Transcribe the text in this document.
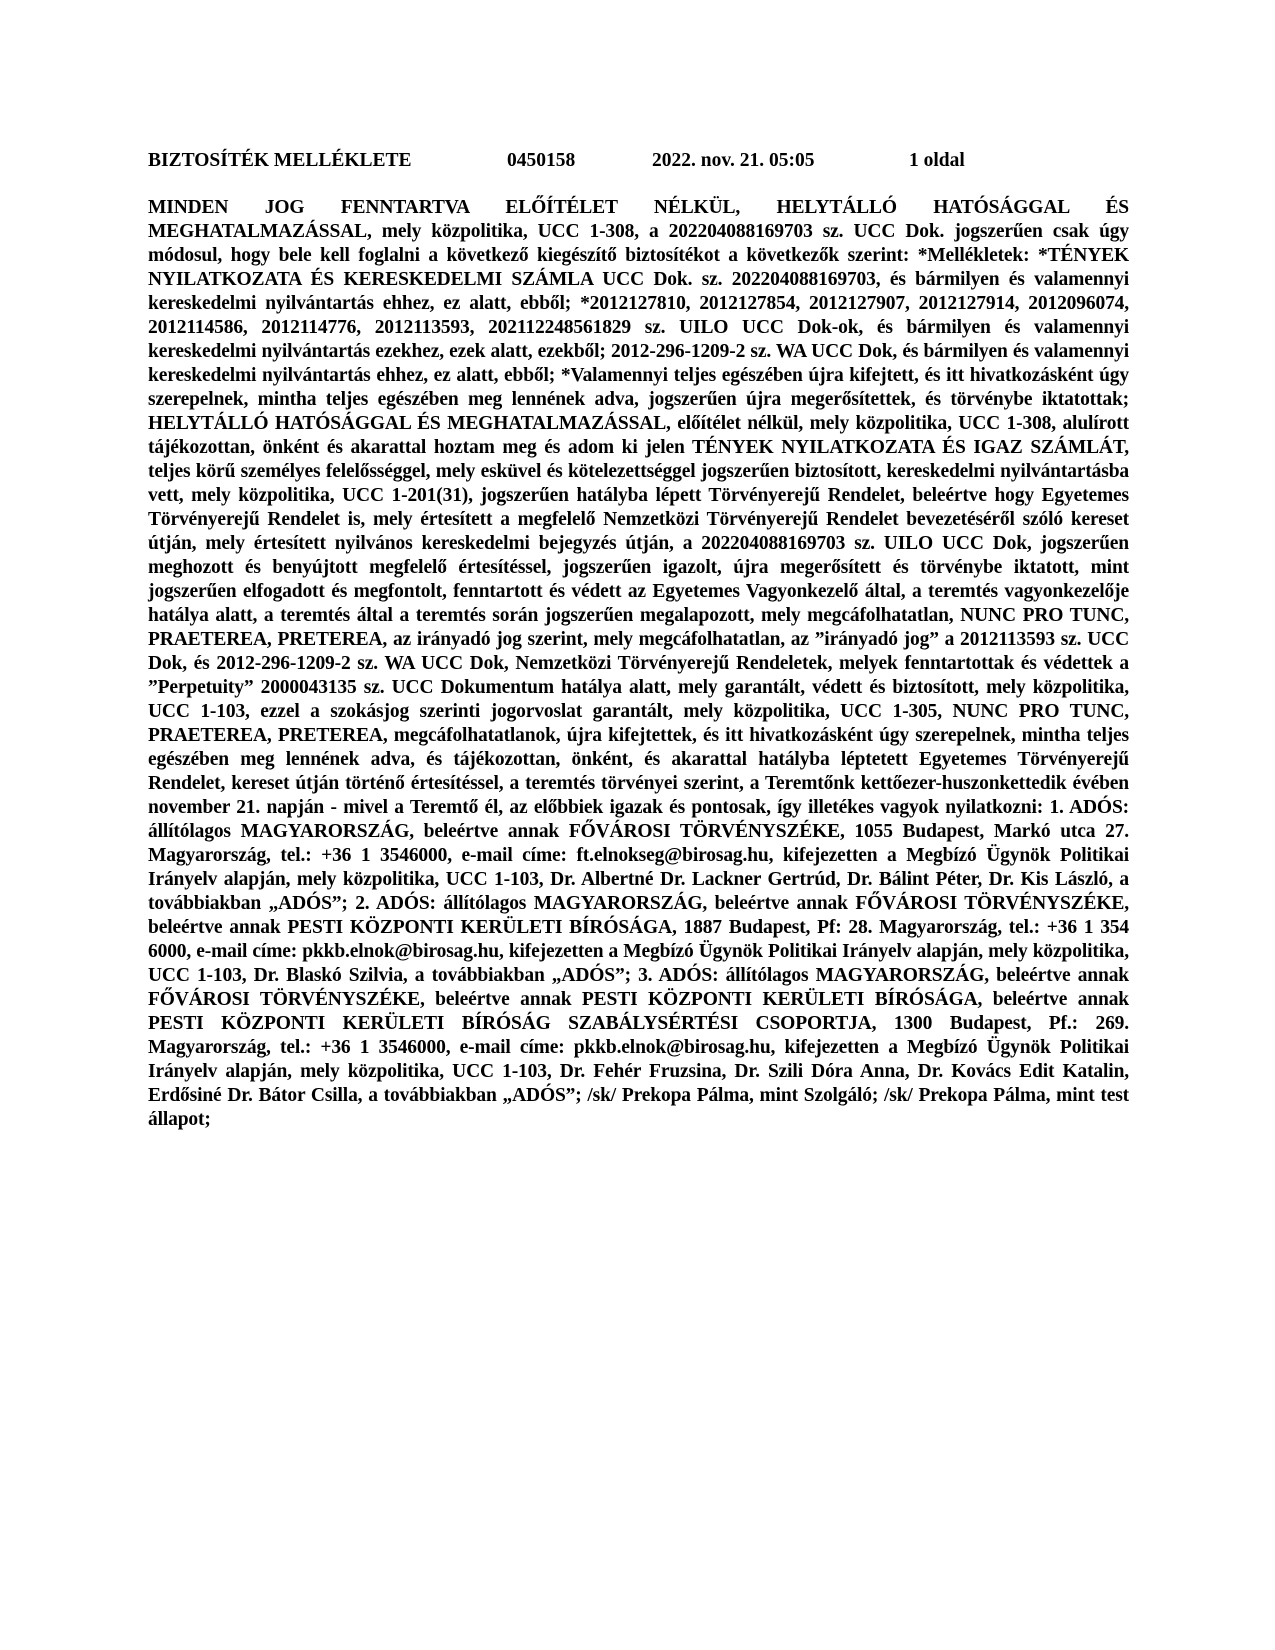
BIZTOSÍTÉK MELLÉKLETE	0450158	2022. nov. 21. 05:05	1 oldal

MINDEN JOG FENNTARTVA ELŐÍTÉLET NÉLKÜL, HELYTÁLLÓ HATÓSÁGGAL ÉS MEGHATALMAZÁSSAL, mely közpolitika, UCC 1-308, a 202204088169703 sz. UCC Dok. jogszerűen csak úgy módosul, hogy bele kell foglalni a következő kiegészítő biztosítékot a következők szerint: *Mellékletek: *TÉNYEK NYILATKOZATA ÉS KERESKEDELMI SZÁMLA UCC Dok. sz. 202204088169703, és bármilyen és valamennyi kereskedelmi nyilvántartás ehhez, ez alatt, ebből; *2012127810, 2012127854, 2012127907, 2012127914, 2012096074, 2012114586, 2012114776, 2012113593, 202112248561829 sz. UILO UCC Dok-ok, és bármilyen és valamennyi kereskedelmi nyilvántartás ezekhez, ezek alatt, ezekből; 2012-296-1209-2 sz. WA UCC Dok, és bármilyen és valamennyi kereskedelmi nyilvántartás ehhez, ez alatt, ebből; *Valamennyi teljes egészében újra kifejtett, és itt hivatkozásként úgy szerepelnek, mintha teljes egészében meg lennének adva, jogszerűen újra megerősítettek, és törvénybe iktatottak; HELYTÁLLÓ HATÓSÁGGAL ÉS MEGHATALMAZÁSSAL, előítélet nélkül, mely közpolitika, UCC 1-308, alulírott tájékozottan, önként és akarattal hoztam meg és adom ki jelen TÉNYEK NYILATKOZATA ÉS IGAZ SZÁMLÁT, teljes körű személyes felelősséggel, mely esküvel és kötelezettséggel jogszerűen biztosított, kereskedelmi nyilvántartásba vett, mely közpolitika, UCC 1-201(31), jogszerűen hatályba lépett Törvényerejű Rendelet, beleértve hogy Egyetemes Törvényerejű Rendelet is, mely értesített a megfelelő Nemzetközi Törvényerejű Rendelet bevezetéséről szóló kereset útján, mely értesített nyilvános kereskedelmi bejegyzés útján, a 202204088169703 sz. UILO UCC Dok, jogszerűen meghozott és benyújtott megfelelő értesítéssel, jogszerűen igazolt, újra megerősített és törvénybe iktatott, mint jogszerűen elfogadott és megfontolt, fenntartott és védett az Egyetemes Vagyonkezelő által, a teremtés vagyonkezelője hatálya alatt, a teremtés által a teremtés során jogszerűen megalapozott, mely megcáfolhatatlan, NUNC PRO TUNC, PRAETEREA, PRETEREA, az irányadó jog szerint, mely megcáfolhatatlan, az ”irányadó jog” a 2012113593 sz. UCC Dok, és 2012-296-1209-2 sz. WA UCC Dok, Nemzetközi Törvényerejű Rendeletek, melyek fenntartottak és védettek a ”Perpetuity” 2000043135 sz. UCC Dokumentum hatálya alatt, mely garantált, védett és biztosított, mely közpolitika, UCC 1-103, ezzel a szokásjog szerinti jogorvoslat garantált, mely közpolitika, UCC 1-305, NUNC PRO TUNC, PRAETEREA, PRETEREA, megcáfolhatatlanok, újra kifejtettek, és itt hivatkozásként úgy szerepelnek, mintha teljes egészében meg lennének adva, és tájékozottan, önként, és akarattal hatályba léptetett Egyetemes Törvényerejű Rendelet, kereset útján történő értesítéssel, a teremtés törvényei szerint, a Teremtőnk kettőezer-huszonkettedik évében november 21. napján - mivel a Teremtő él, az előbbiek igazak és pontosak, így illetékes vagyok nyilatkozni: 1. ADÓS: állítólagos MAGYARORSZÁG, beleértve annak FŐVÁROSI TÖRVÉNYSZÉKE, 1055 Budapest, Markó utca 27. Magyarország, tel.: +36 1 3546000, e-mail címe: ft.elnokseg@birosag.hu, kifejezetten a Megbízó Ügynök Politikai Irányelv alapján, mely közpolitika, UCC 1-103, Dr. Albertné Dr. Lackner Gertrúd, Dr. Bálint Péter, Dr. Kis László, a továbbiakban „ADÓS”; 2. ADÓS: állítólagos MAGYARORSZÁG, beleértve annak FŐVÁROSI TÖRVÉNYSZÉKE, beleértve annak PESTI KÖZPONTI KERÜLETI BÍRÓSÁGA, 1887 Budapest, Pf: 28. Magyarország, tel.: +36 1 354 6000, e-mail címe: pkkb.elnok@birosag.hu, kifejezetten a Megbízó Ügynök Politikai Irányelv alapján, mely közpolitika, UCC 1-103, Dr. Blaskó Szilvia, a továbbiakban „ADÓS”; 3. ADÓS: állítólagos MAGYARORSZÁG, beleértve annak FŐVÁROSI TÖRVÉNYSZÉKE, beleértve annak PESTI KÖZPONTI KERÜLETI BÍRÓSÁGA, beleértve annak PESTI KÖZPONTI KERÜLETI BÍRÓSÁG SZABÁLYSÉRTÉSI CSOPORTJA, 1300 Budapest, Pf.: 269. Magyarország, tel.: +36 1 3546000, e-mail címe: pkkb.elnok@birosag.hu, kifejezetten a Megbízó Ügynök Politikai Irányelv alapján, mely közpolitika, UCC 1-103, Dr. Fehér Fruzsina, Dr. Szili Dóra Anna, Dr. Kovács Edit Katalin, Erdősiné Dr. Bátor Csilla, a továbbiakban „ADÓS”; /sk/ Prekopa Pálma, mint Szolgáló; /sk/ Prekopa Pálma, mint test állapot;
